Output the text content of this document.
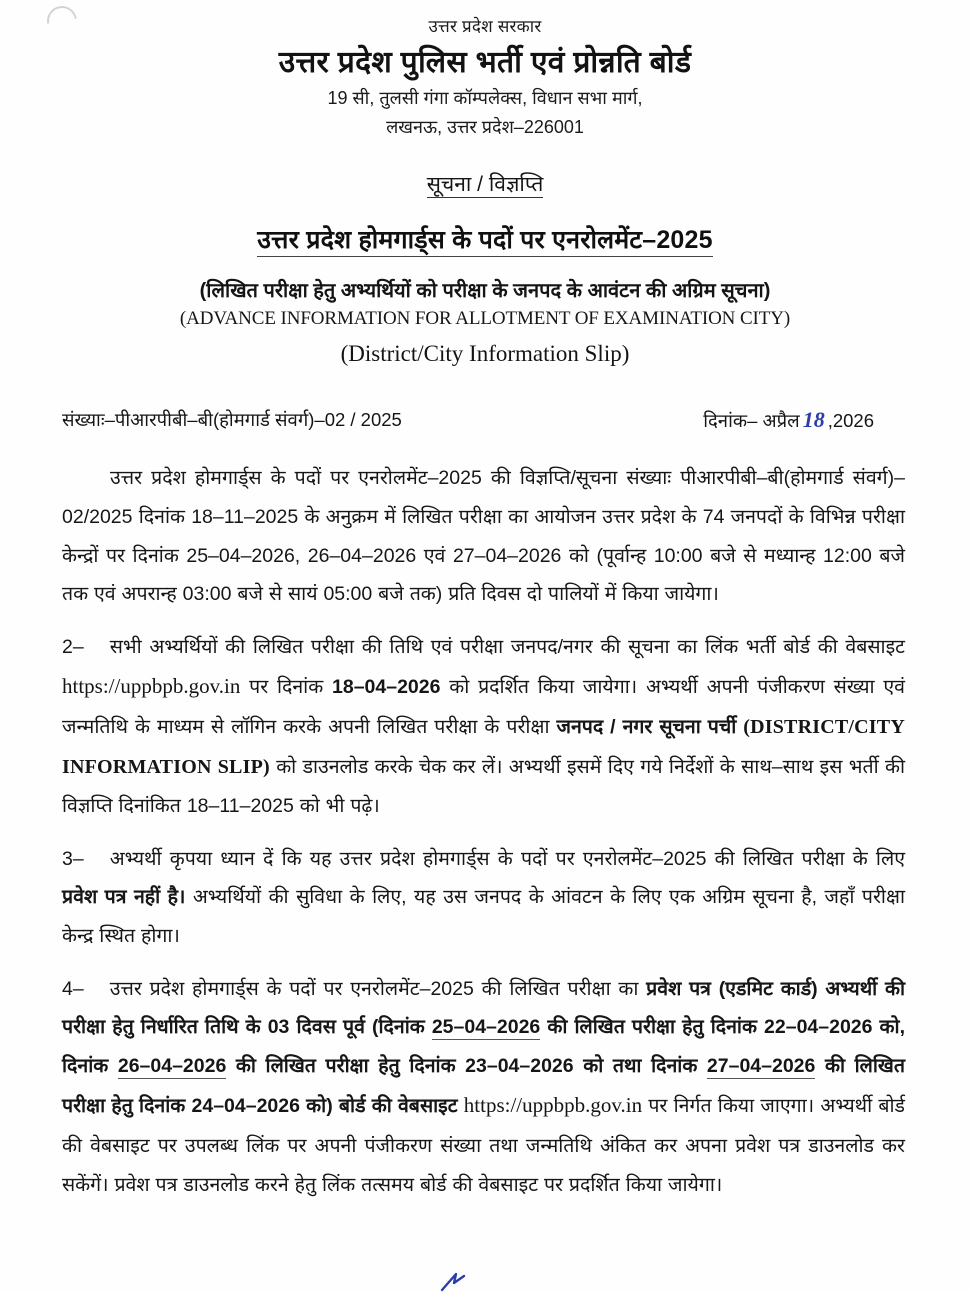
उत्तर प्रदेश सरकार
उत्तर प्रदेश पुलिस भर्ती एवं प्रोन्नति बोर्ड
19 सी, तुलसी गंगा कॉम्पलेक्स, विधान सभा मार्ग,
लखनऊ, उत्तर प्रदेश–226001
सूचना / विज्ञप्ति
उत्तर प्रदेश होमगार्ड्स के पदों पर एनरोलमेंट–2025
(लिखित परीक्षा हेतु अभ्यर्थियों को परीक्षा के जनपद के आवंटन की अग्रिम सूचना)
(ADVANCE INFORMATION FOR ALLOTMENT OF EXAMINATION CITY)
(District/City Information Slip)
संख्याः–पीआरपीबी–बी(होमगार्ड संवर्ग)–02 / 2025	दिनांक– अप्रैल 18 ,2026

उत्तर प्रदेश होमगार्ड्स के पदों पर एनरोलमेंट–2025 की विज्ञप्ति/सूचना संख्याः पीआरपीबी–बी(होमगार्ड संवर्ग)–02/2025 दिनांक 18–11–2025 के अनुक्रम में लिखित परीक्षा का आयोजन उत्तर प्रदेश के 74 जनपदों के विभिन्न परीक्षा केन्द्रों पर दिनांक 25–04–2026, 26–04–2026 एवं 27–04–2026 को (पूर्वान्ह 10:00 बजे से मध्यान्ह 12:00 बजे तक एवं अपरान्ह 03:00 बजे से सायं 05:00 बजे तक) प्रति दिवस दो पालियों में किया जायेगा।

2– सभी अभ्यर्थियों की लिखित परीक्षा की तिथि एवं परीक्षा जनपद/नगर की सूचना का लिंक भर्ती बोर्ड की वेबसाइट https://uppbpb.gov.in पर दिनांक 18–04–2026 को प्रदर्शित किया जायेगा। अभ्यर्थी अपनी पंजीकरण संख्या एवं जन्मतिथि के माध्यम से लॉगिन करके अपनी लिखित परीक्षा के परीक्षा जनपद / नगर सूचना पर्ची (DISTRICT/CITY INFORMATION SLIP) को डाउनलोड करके चेक कर लें। अभ्यर्थी इसमें दिए गये निर्देशों के साथ–साथ इस भर्ती की विज्ञप्ति दिनांकित 18–11–2025 को भी पढ़े।

3– अभ्यर्थी कृपया ध्यान दें कि यह उत्तर प्रदेश होमगार्ड्स के पदों पर एनरोलमेंट–2025 की लिखित परीक्षा के लिए प्रवेश पत्र नहीं है। अभ्यर्थियों की सुविधा के लिए, यह उस जनपद के आंवटन के लिए एक अग्रिम सूचना है, जहाँ परीक्षा केन्द्र स्थित होगा।

4– उत्तर प्रदेश होमगार्ड्स के पदों पर एनरोलमेंट–2025 की लिखित परीक्षा का प्रवेश पत्र (एडमिट कार्ड) अभ्यर्थी की परीक्षा हेतु निर्धारित तिथि के 03 दिवस पूर्व (दिनांक 25–04–2026 की लिखित परीक्षा हेतु दिनांक 22–04–2026 को, दिनांक 26–04–2026 की लिखित परीक्षा हेतु दिनांक 23–04–2026 को तथा दिनांक 27–04–2026 की लिखित परीक्षा हेतु दिनांक 24–04–2026 को) बोर्ड की वेबसाइट https://uppbpb.gov.in पर निर्गत किया जाएगा। अभ्यर्थी बोर्ड की वेबसाइट पर उपलब्ध लिंक पर अपनी पंजीकरण संख्या तथा जन्मतिथि अंकित कर अपना प्रवेश पत्र डाउनलोड कर सकेंगें। प्रवेश पत्र डाउनलोड करने हेतु लिंक तत्समय बोर्ड की वेबसाइट पर प्रदर्शित किया जायेगा।
